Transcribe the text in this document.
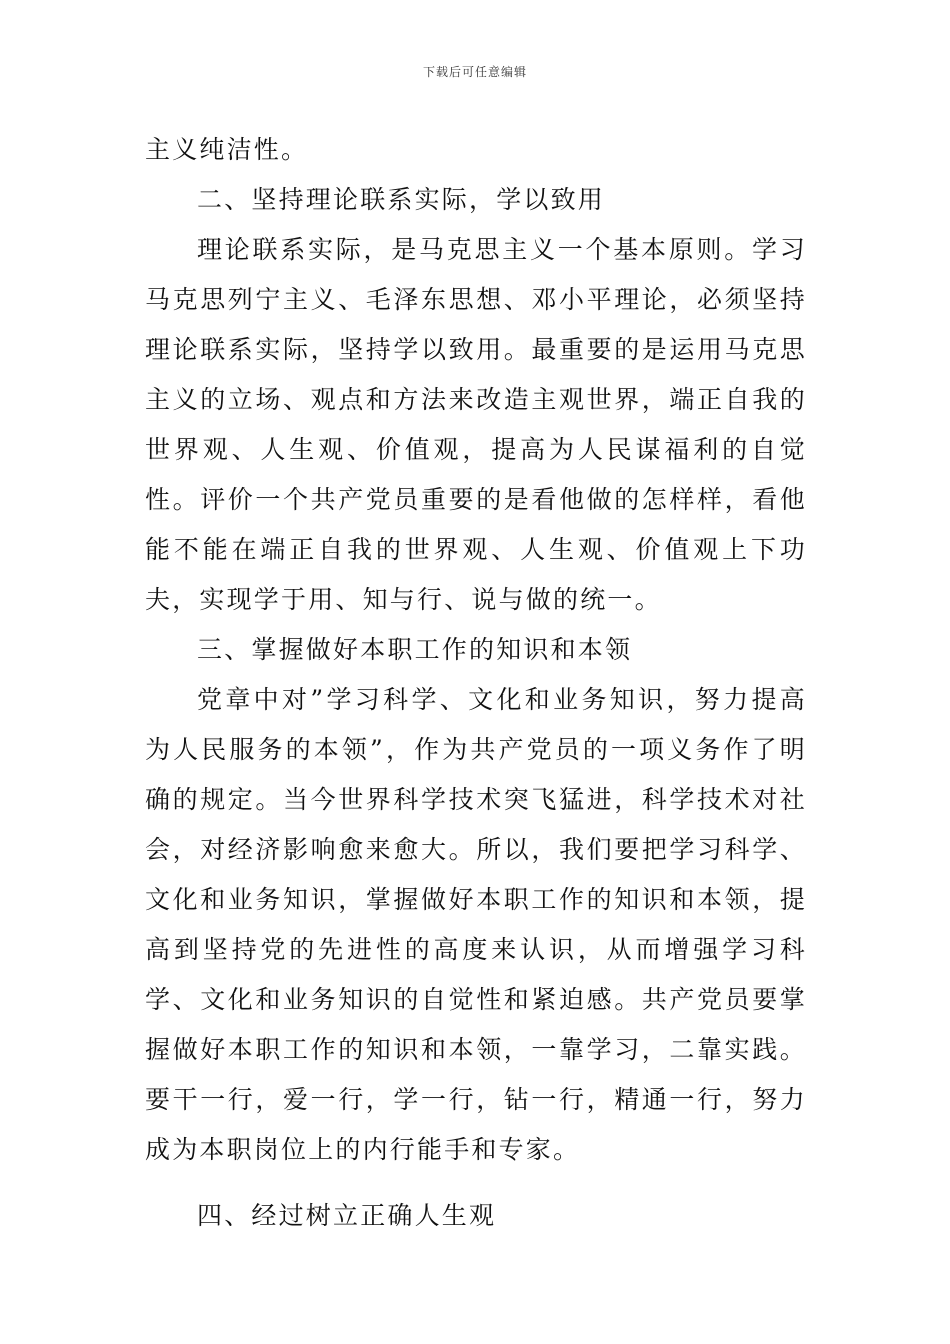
下载后可任意编辑

主义纯洁性。

二、坚持理论联系实际，学以致用

理论联系实际，是马克思主义一个基本原则。学习马克思列宁主义、毛泽东思想、邓小平理论，必须坚持理论联系实际，坚持学以致用。最重要的是运用马克思主义的立场、观点和方法来改造主观世界，端正自我的世界观、人生观、价值观，提高为人民谋福利的自觉性。评价一个共产党员重要的是看他做的怎样样，看他能不能在端正自我的世界观、人生观、价值观上下功夫，实现学于用、知与行、说与做的统一。

三、掌握做好本职工作的知识和本领

党章中对”学习科学、文化和业务知识，努力提高为人民服务的本领”，作为共产党员的一项义务作了明确的规定。当今世界科学技术突飞猛进，科学技术对社会，对经济影响愈来愈大。所以，我们要把学习科学、文化和业务知识，掌握做好本职工作的知识和本领，提高到坚持党的先进性的高度来认识，从而增强学习科学、文化和业务知识的自觉性和紧迫感。共产党员要掌握做好本职工作的知识和本领，一靠学习，二靠实践。要干一行，爱一行，学一行，钻一行，精通一行，努力成为本职岗位上的内行能手和专家。

四、经过树立正确人生观
